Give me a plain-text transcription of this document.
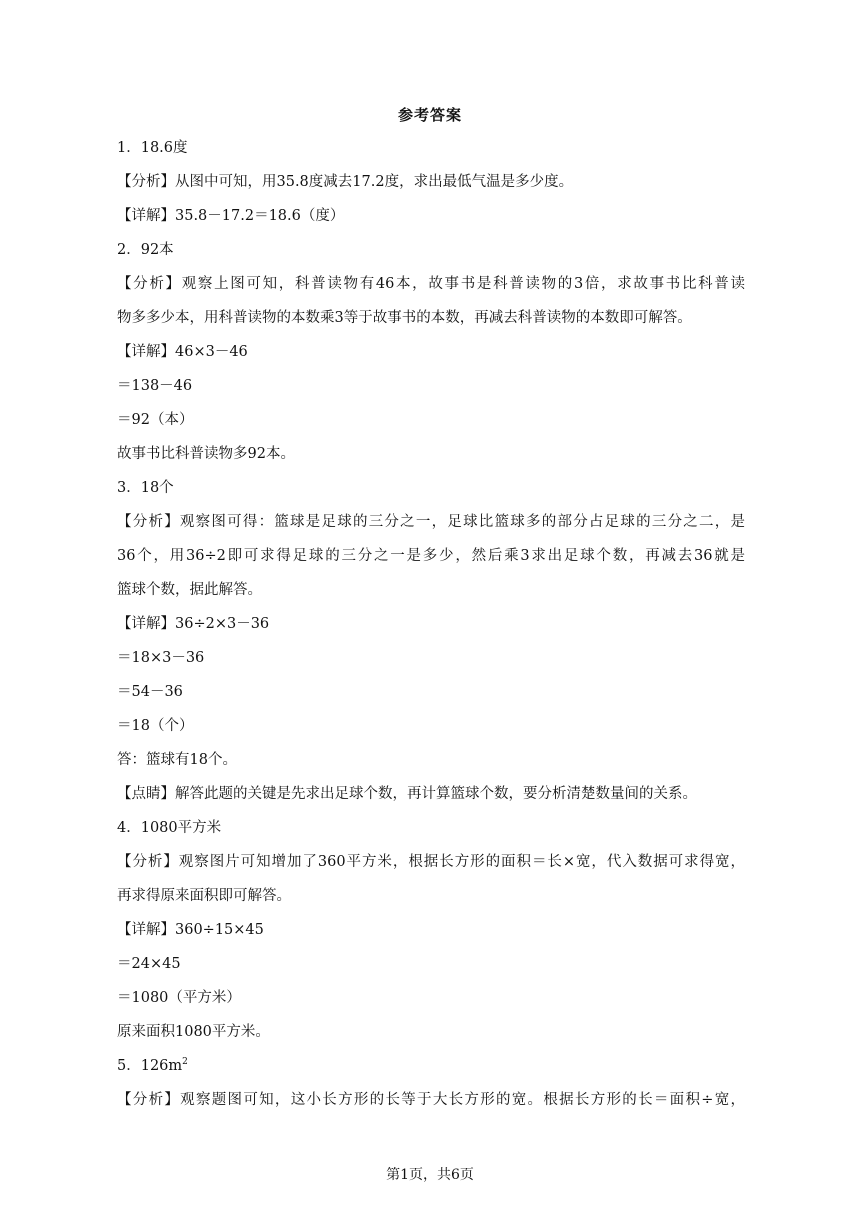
参考答案
1．18.6度
【分析】从图中可知，用35.8度减去17.2度，求出最低气温是多少度。
【详解】35.8－17.2＝18.6（度）
2．92本
【分析】观察上图可知，科普读物有46本，故事书是科普读物的3倍，求故事书比科普读
物多多少本，用科普读物的本数乘3等于故事书的本数，再减去科普读物的本数即可解答。
【详解】46×3－46
＝138－46
＝92（本）
故事书比科普读物多92本。
3．18个
【分析】观察图可得：篮球是足球的三分之一，足球比篮球多的部分占足球的三分之二，是
36个，用36÷2即可求得足球的三分之一是多少，然后乘3求出足球个数，再减去36就是
篮球个数，据此解答。
【详解】36÷2×3－36
＝18×3－36
＝54－36
＝18（个）
答：篮球有18个。
【点睛】解答此题的关键是先求出足球个数，再计算篮球个数，要分析清楚数量间的关系。
4．1080平方米
【分析】观察图片可知增加了360平方米，根据长方形的面积＝长×宽，代入数据可求得宽，
再求得原来面积即可解答。
【详解】360÷15×45
＝24×45
＝1080（平方米）
原来面积1080平方米。
5．$126m^2$
【分析】观察题图可知，这小长方形的长等于大长方形的宽。根据长方形的长＝面积÷宽，
第1页，共6页
